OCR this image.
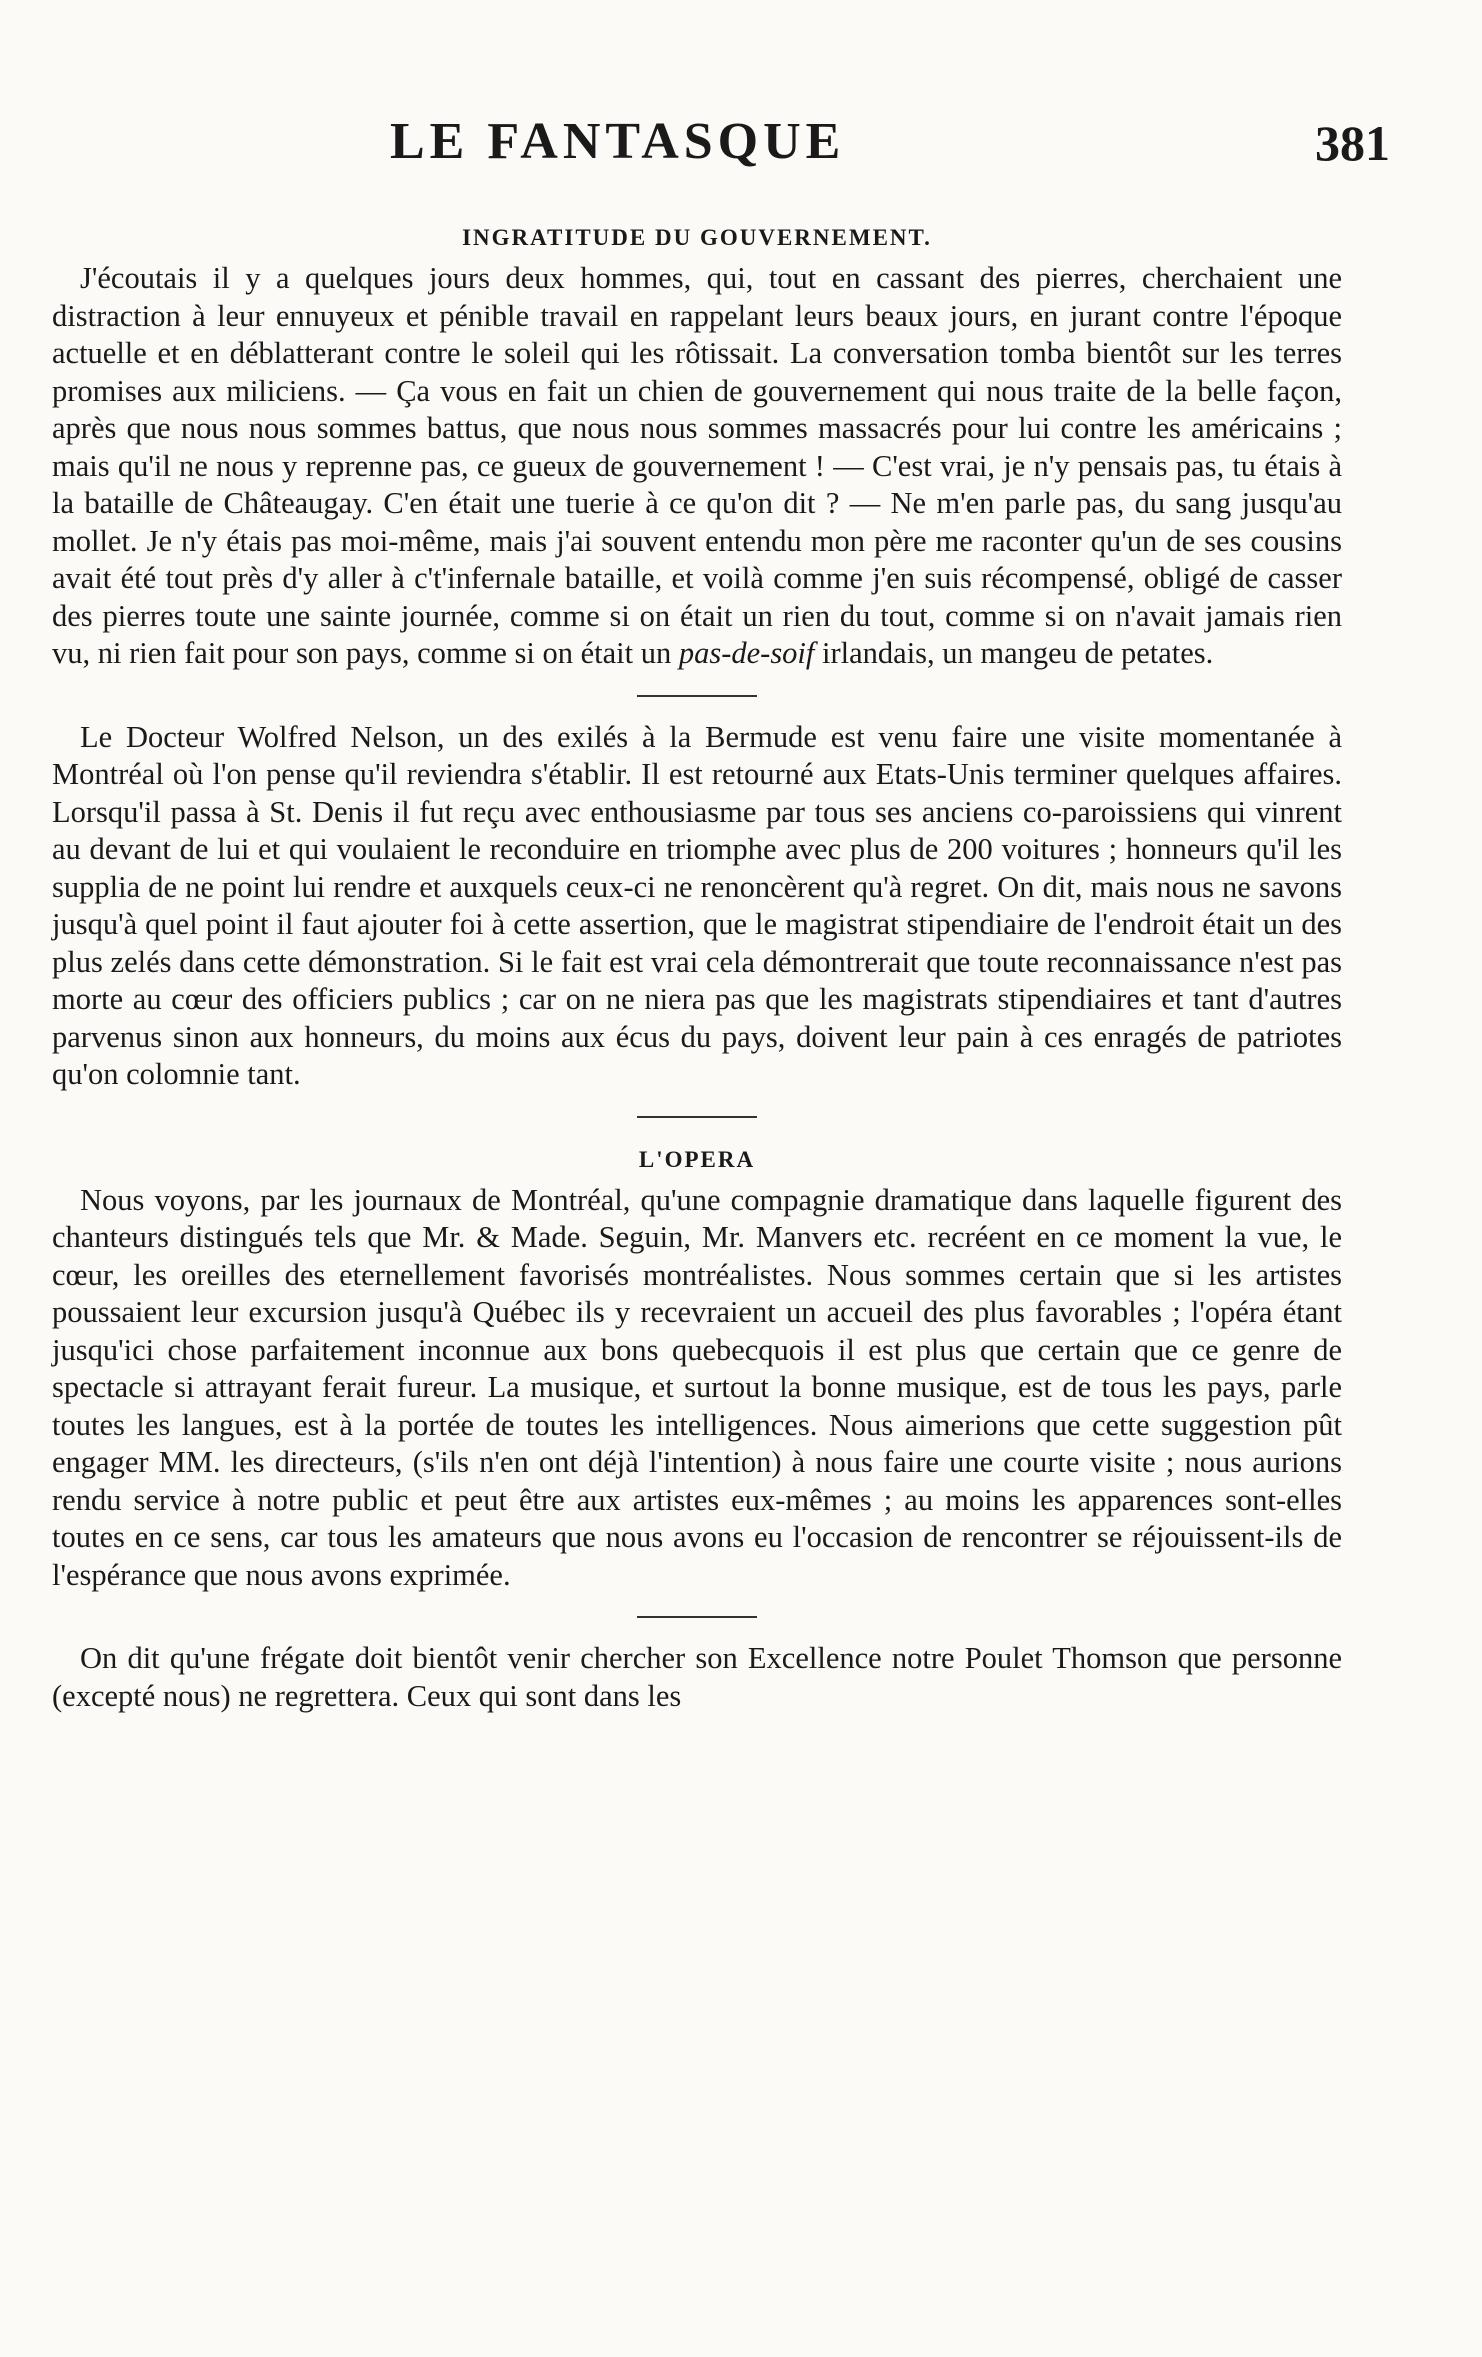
LE FANTASQUE	381
INGRATITUDE DU GOUVERNEMENT.

J'écoutais il y a quelques jours deux hommes, qui, tout en cassant des pierres, cherchaient une distraction à leur ennuyeux et pénible travail en rappelant leurs beaux jours, en jurant contre l'époque actuelle et en déblatterant contre le soleil qui les rôtissait. La conversation tomba bientôt sur les terres promises aux miliciens. — Ça vous en fait un chien de gouvernement qui nous traite de la belle façon, après que nous nous sommes battus, que nous nous sommes massacrés pour lui contre les américains ; mais qu'il ne nous y reprenne pas, ce gueux de gouvernement ! — C'est vrai, je n'y pensais pas, tu étais à la bataille de Châteaugay. C'en était une tuerie à ce qu'on dit ? — Ne m'en parle pas, du sang jusqu'au mollet. Je n'y étais pas moi-même, mais j'ai souvent entendu mon père me raconter qu'un de ses cousins avait été tout près d'y aller à c't'infernale bataille, et voilà comme j'en suis récompensé, obligé de casser des pierres toute une sainte journée, comme si on était un rien du tout, comme si on n'avait jamais rien vu, ni rien fait pour son pays, comme si on était un pas-de-soif irlandais, un mangeu de petates.

Le Docteur Wolfred Nelson, un des exilés à la Bermude est venu faire une visite momentanée à Montréal où l'on pense qu'il reviendra s'établir. Il est retourné aux Etats-Unis terminer quelques affaires. Lorsqu'il passa à St. Denis il fut reçu avec enthousiasme par tous ses anciens co-paroissiens qui vinrent au devant de lui et qui voulaient le reconduire en triomphe avec plus de 200 voitures ; honneurs qu'il les supplia de ne point lui rendre et auxquels ceux-ci ne renoncèrent qu'à regret. On dit, mais nous ne savons jusqu'à quel point il faut ajouter foi à cette assertion, que le magistrat stipendiaire de l'endroit était un des plus zelés dans cette démonstration. Si le fait est vrai cela démontrerait que toute reconnaissance n'est pas morte au cœur des officiers publics ; car on ne niera pas que les magistrats stipendiaires et tant d'autres parvenus sinon aux honneurs, du moins aux écus du pays, doivent leur pain à ces enragés de patriotes qu'on colomnie tant.

L'OPERA

Nous voyons, par les journaux de Montréal, qu'une compagnie dramatique dans laquelle figurent des chanteurs distingués tels que Mr. & Made. Seguin, Mr. Manvers etc. recréent en ce moment la vue, le cœur, les oreilles des eternellement favorisés montréalistes. Nous sommes certain que si les artistes poussaient leur excursion jusqu'à Québec ils y recevraient un accueil des plus favorables ; l'opéra étant jusqu'ici chose parfaitement inconnue aux bons quebecquois il est plus que certain que ce genre de spectacle si attrayant ferait fureur. La musique, et surtout la bonne musique, est de tous les pays, parle toutes les langues, est à la portée de toutes les intelligences. Nous aimerions que cette suggestion pût engager MM. les directeurs, (s'ils n'en ont déjà l'intention) à nous faire une courte visite ; nous aurions rendu service à notre public et peut être aux artistes eux-mêmes ; au moins les apparences sont-elles toutes en ce sens, car tous les amateurs que nous avons eu l'occasion de rencontrer se réjouissent-ils de l'espérance que nous avons exprimée.

On dit qu'une frégate doit bientôt venir chercher son Excellence notre Poulet Thomson que personne (excepté nous) ne regrettera. Ceux qui sont dans les
